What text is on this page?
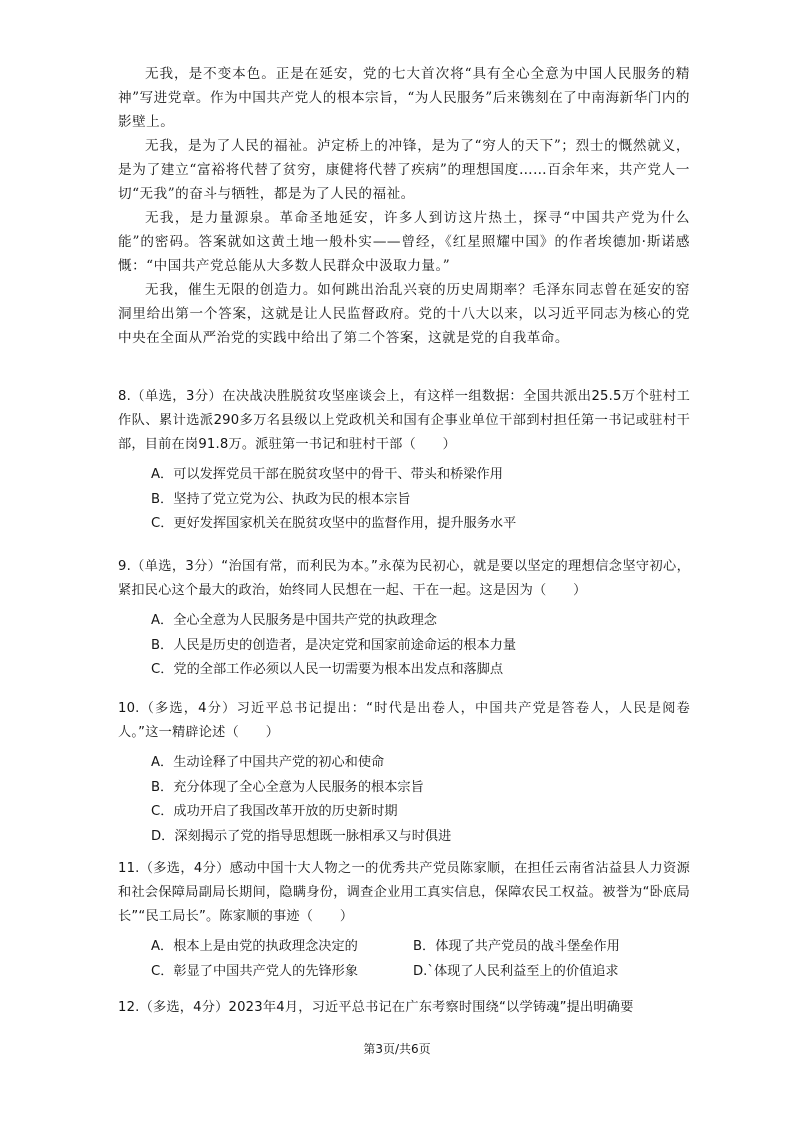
无我，是不变本色。正是在延安，党的七大首次将“具有全心全意为中国人民服务的精神”写进党章。作为中国共产党人的根本宗旨，“为人民服务”后来镌刻在了中南海新华门内的影壁上。

无我，是为了人民的福祉。泸定桥上的冲锋，是为了“穷人的天下”；烈士的慨然就义，是为了建立“富裕将代替了贫穷，康健将代替了疾病”的理想国度……百余年来，共产党人一切“无我”的奋斗与牺牲，都是为了人民的福祉。

无我，是力量源泉。革命圣地延安，许多人到访这片热土，探寻“中国共产党为什么能”的密码。答案就如这黄土地一般朴实——曾经，《红星照耀中国》的作者埃德加·斯诺感慨：“中国共产党总能从大多数人民群众中汲取力量。”

无我，催生无限的创造力。如何跳出治乱兴衰的历史周期率？毛泽东同志曾在延安的窑洞里给出第一个答案，这就是让人民监督政府。党的十八大以来，以习近平同志为核心的党中央在全面从严治党的实践中给出了第二个答案，这就是党的自我革命。

8.（单选，3分）在决战决胜脱贫攻坚座谈会上，有这样一组数据：全国共派出25.5万个驻村工作队、累计选派290多万名县级以上党政机关和国有企事业单位干部到村担任第一书记或驻村干部，目前在岗91.8万。派驻第一书记和驻村干部（　　）
A．可以发挥党员干部在脱贫攻坚中的骨干、带头和桥梁作用
B．坚持了党立党为公、执政为民的根本宗旨
C．更好发挥国家机关在脱贫攻坚中的监督作用，提升服务水平
9.（单选，3分）“治国有常，而利民为本。”永葆为民初心，就是要以坚定的理想信念坚守初心，紧扣民心这个最大的政治，始终同人民想在一起、干在一起。这是因为（　　）
A．全心全意为人民服务是中国共产党的执政理念
B．人民是历史的创造者，是决定党和国家前途命运的根本力量
C．党的全部工作必须以人民一切需要为根本出发点和落脚点
10.（多选，4分）习近平总书记提出：“时代是出卷人，中国共产党是答卷人，人民是阅卷人。”这一精辟论述（　　）
A．生动诠释了中国共产党的初心和使命
B．充分体现了全心全意为人民服务的根本宗旨
C．成功开启了我国改革开放的历史新时期
D．深刻揭示了党的指导思想既一脉相承又与时俱进
11.（多选，4分）感动中国十大人物之一的优秀共产党员陈家顺，在担任云南省沾益县人力资源和社会保障局副局长期间，隐瞒身份，调查企业用工真实信息，保障农民工权益。被誉为“卧底局长”“民工局长”。陈家顺的事迹（　　）
A．根本上是由党的执政理念决定的	B．体现了共产党员的战斗堡垒作用
C．彰显了中国共产党人的先锋形象	D.`体现了人民利益至上的价值追求
12.（多选，4分）2023年4月，习近平总书记在广东考察时围绕“以学铸魂”提出明确要
第3页/共6页
